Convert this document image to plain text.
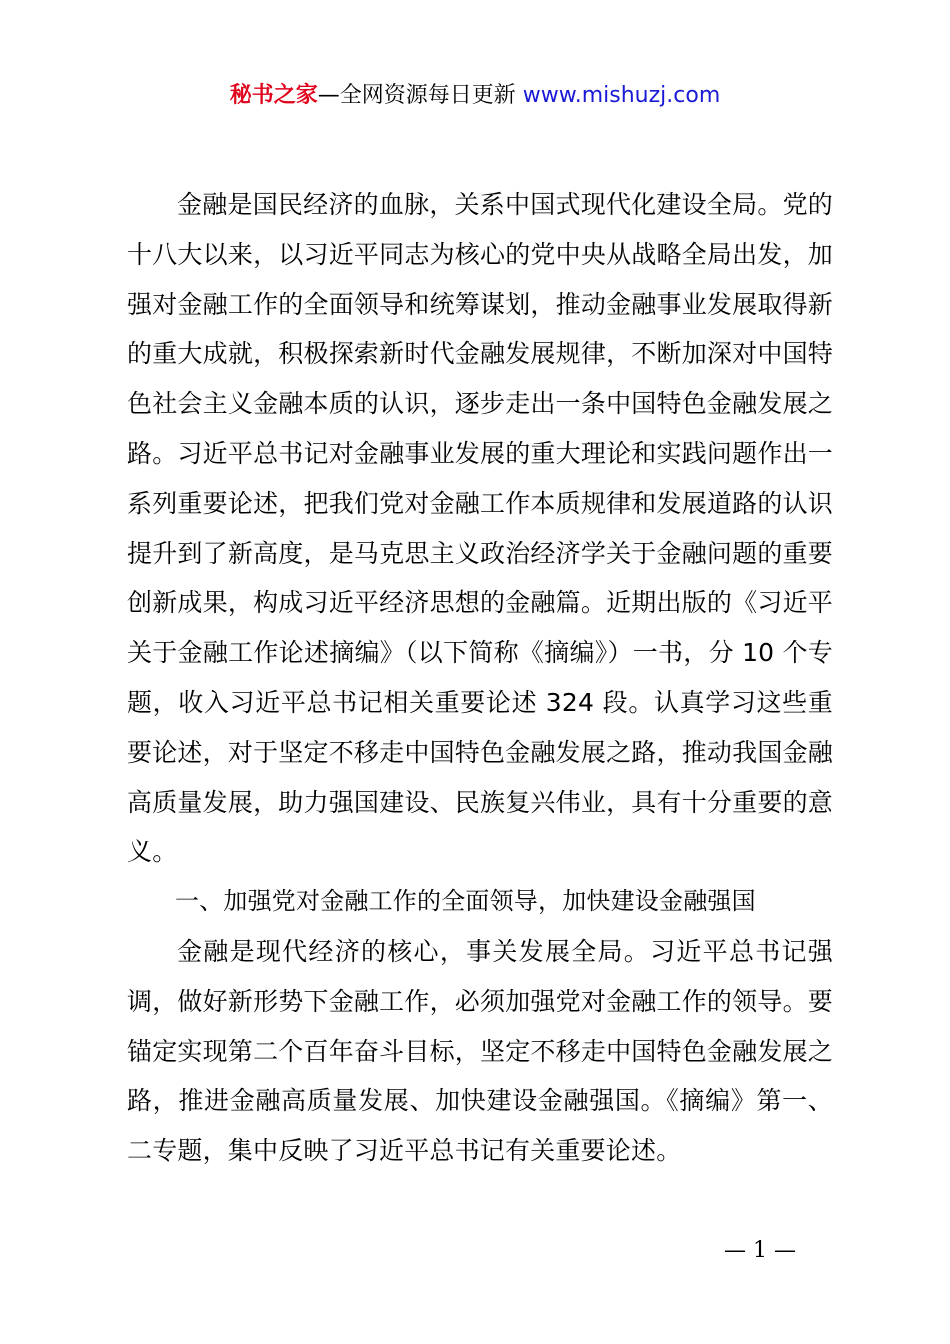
秘书之家—全网资源每日更新 www.mishuzj.com

金融是国民经济的血脉，关系中国式现代化建设全局。党的十八大以来，以习近平同志为核心的党中央从战略全局出发，加强对金融工作的全面领导和统筹谋划，推动金融事业发展取得新的重大成就，积极探索新时代金融发展规律，不断加深对中国特色社会主义金融本质的认识，逐步走出一条中国特色金融发展之路。习近平总书记对金融事业发展的重大理论和实践问题作出一系列重要论述，把我们党对金融工作本质规律和发展道路的认识提升到了新高度，是马克思主义政治经济学关于金融问题的重要创新成果，构成习近平经济思想的金融篇。近期出版的《习近平关于金融工作论述摘编》（以下简称《摘编》）一书，分 10 个专题，收入习近平总书记相关重要论述 324 段。认真学习这些重要论述，对于坚定不移走中国特色金融发展之路，推动我国金融高质量发展，助力强国建设、民族复兴伟业，具有十分重要的意义。

一、加强党对金融工作的全面领导，加快建设金融强国

金融是现代经济的核心，事关发展全局。习近平总书记强调，做好新形势下金融工作，必须加强党对金融工作的领导。要锚定实现第二个百年奋斗目标，坚定不移走中国特色金融发展之路，推进金融高质量发展、加快建设金融强国。《摘编》第一、二专题，集中反映了习近平总书记有关重要论述。

— 1 —
